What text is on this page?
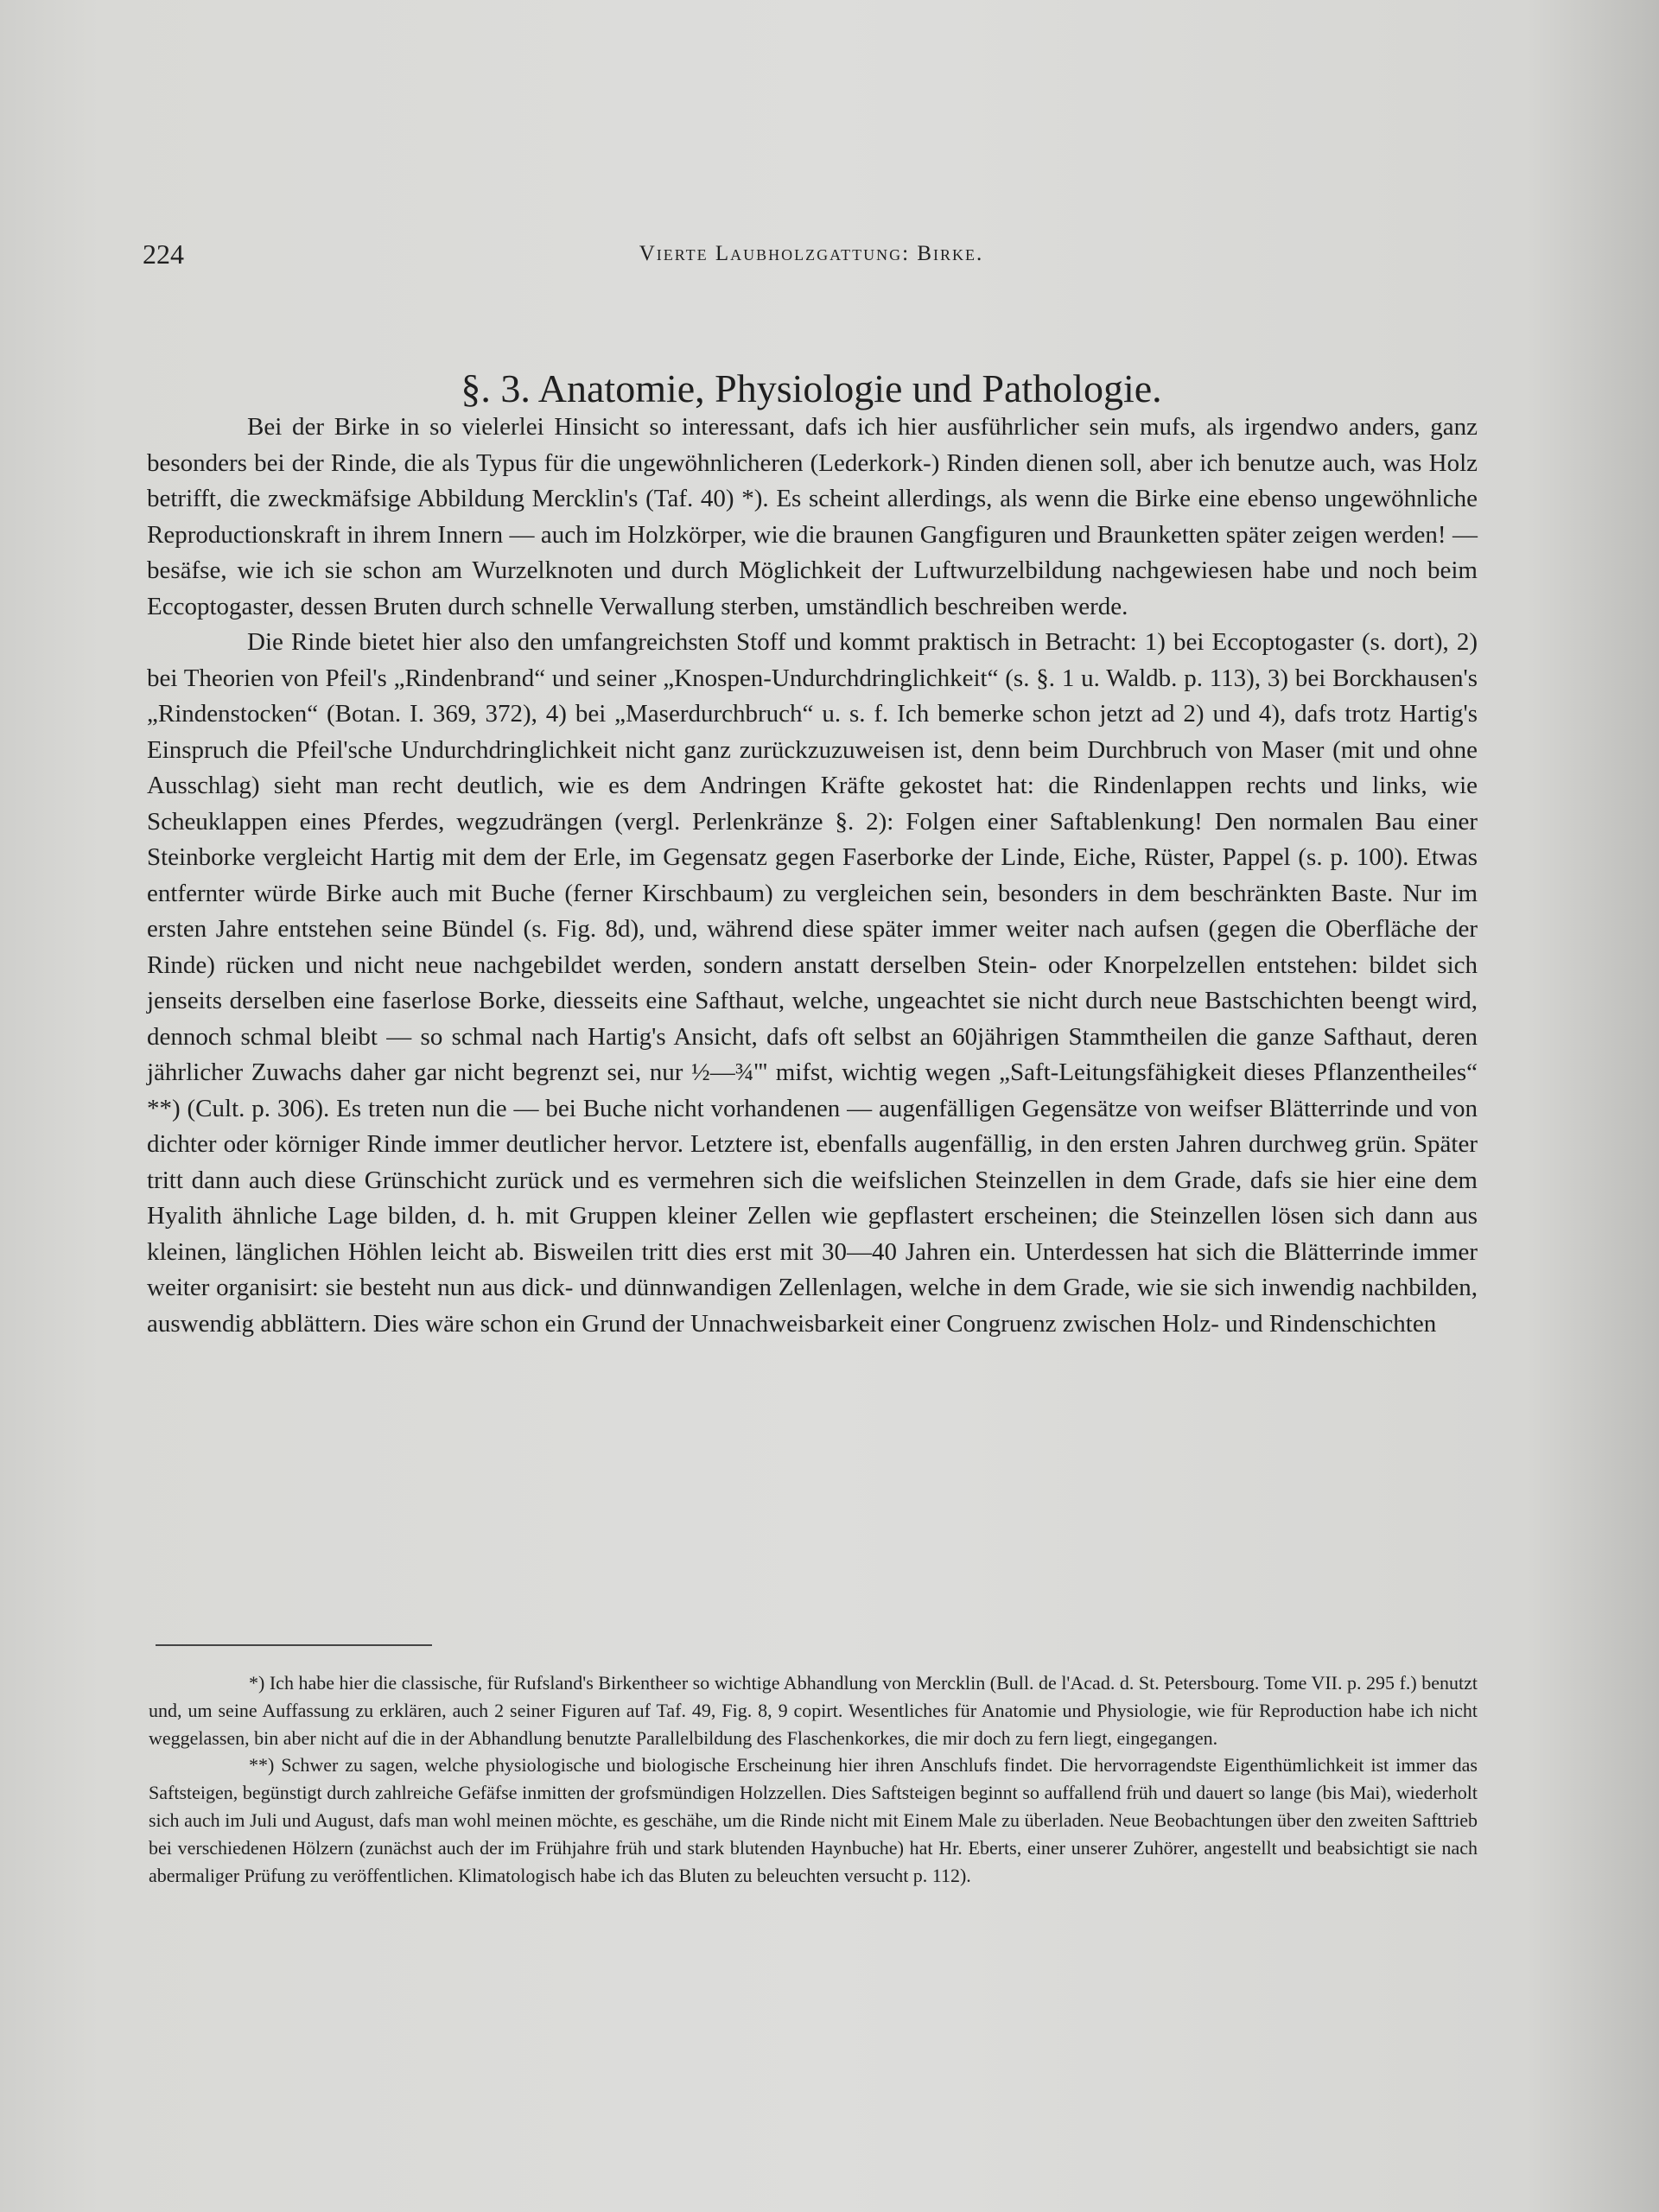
224	Vierte Laubholzgattung: Birke.
§. 3. Anatomie, Physiologie und Pathologie.

Bei der Birke in so vielerlei Hinsicht so interessant, dafs ich hier ausführlicher sein mufs, als irgendwo anders, ganz besonders bei der Rinde, die als Typus für die ungewöhnlicheren (Lederkork-) Rinden dienen soll, aber ich benutze auch, was Holz betrifft, die zweckmäfsige Abbildung Mercklin's (Taf. 40) *). Es scheint allerdings, als wenn die Birke eine ebenso ungewöhnliche Reproductionskraft in ihrem Innern — auch im Holzkörper, wie die braunen Gangfiguren und Braunketten später zeigen werden! — besäfse, wie ich sie schon am Wurzelknoten und durch Möglichkeit der Luftwurzelbildung nachgewiesen habe und noch beim Eccoptogaster, dessen Bruten durch schnelle Verwallung sterben, umständlich beschreiben werde.

Die Rinde bietet hier also den umfangreichsten Stoff und kommt praktisch in Betracht: 1) bei Eccoptogaster (s. dort), 2) bei Theorien von Pfeil's „Rindenbrand“ und seiner „Knospen-Undurchdringlichkeit“ (s. §. 1 u. Waldb. p. 113), 3) bei Borckhausen's „Rindenstocken“ (Botan. I. 369, 372), 4) bei „Maserdurchbruch“ u. s. f. Ich bemerke schon jetzt ad 2) und 4), dafs trotz Hartig's Einspruch die Pfeil'sche Undurchdringlichkeit nicht ganz zurückzuzuweisen ist, denn beim Durchbruch von Maser (mit und ohne Ausschlag) sieht man recht deutlich, wie es dem Andringen Kräfte gekostet hat: die Rindenlappen rechts und links, wie Scheuklappen eines Pferdes, wegzudrängen (vergl. Perlenkränze §. 2): Folgen einer Saftablenkung! Den normalen Bau einer Steinborke vergleicht Hartig mit dem der Erle, im Gegensatz gegen Faserborke der Linde, Eiche, Rüster, Pappel (s. p. 100). Etwas entfernter würde Birke auch mit Buche (ferner Kirschbaum) zu vergleichen sein, besonders in dem beschränkten Baste. Nur im ersten Jahre entstehen seine Bündel (s. Fig. 8d), und, während diese später immer weiter nach aufsen (gegen die Oberfläche der Rinde) rücken und nicht neue nachgebildet werden, sondern anstatt derselben Stein- oder Knorpelzellen entstehen: bildet sich jenseits derselben eine faserlose Borke, diesseits eine Safthaut, welche, ungeachtet sie nicht durch neue Bastschichten beengt wird, dennoch schmal bleibt — so schmal nach Hartig's Ansicht, dafs oft selbst an 60jährigen Stammtheilen die ganze Safthaut, deren jährlicher Zuwachs daher gar nicht begrenzt sei, nur ½—¾''' mifst, wichtig wegen „Saft-Leitungsfähigkeit dieses Pflanzentheiles“ **) (Cult. p. 306). Es treten nun die — bei Buche nicht vorhandenen — augenfälligen Gegensätze von weifser Blätterrinde und von dichter oder körniger Rinde immer deutlicher hervor. Letztere ist, ebenfalls augenfällig, in den ersten Jahren durchweg grün. Später tritt dann auch diese Grünschicht zurück und es vermehren sich die weifslichen Steinzellen in dem Grade, dafs sie hier eine dem Hyalith ähnliche Lage bilden, d. h. mit Gruppen kleiner Zellen wie gepflastert erscheinen; die Steinzellen lösen sich dann aus kleinen, länglichen Höhlen leicht ab. Bisweilen tritt dies erst mit 30—40 Jahren ein. Unterdessen hat sich die Blätterrinde immer weiter organisirt: sie besteht nun aus dick- und dünnwandigen Zellenlagen, welche in dem Grade, wie sie sich inwendig nachbilden, auswendig abblättern. Dies wäre schon ein Grund der Unnachweisbarkeit einer Congruenz zwischen Holz- und Rindenschichten

*) Ich habe hier die classische, für Rufsland's Birkentheer so wichtige Abhandlung von Mercklin (Bull. de l'Acad. d. St. Petersbourg. Tome VII. p. 295 f.) benutzt und, um seine Auffassung zu erklären, auch 2 seiner Figuren auf Taf. 49, Fig. 8, 9 copirt. Wesentliches für Anatomie und Physiologie, wie für Reproduction habe ich nicht weggelassen, bin aber nicht auf die in der Abhandlung benutzte Parallelbildung des Flaschenkorkes, die mir doch zu fern liegt, eingegangen.

**) Schwer zu sagen, welche physiologische und biologische Erscheinung hier ihren Anschlufs findet. Die hervorragendste Eigenthümlichkeit ist immer das Saftsteigen, begünstigt durch zahlreiche Gefäfse inmitten der grofsmündigen Holzzellen. Dies Saftsteigen beginnt so auffallend früh und dauert so lange (bis Mai), wiederholt sich auch im Juli und August, dafs man wohl meinen möchte, es geschähe, um die Rinde nicht mit Einem Male zu überladen. Neue Beobachtungen über den zweiten Safttrieb bei verschiedenen Hölzern (zunächst auch der im Frühjahre früh und stark blutenden Haynbuche) hat Hr. Eberts, einer unserer Zuhörer, angestellt und beabsichtigt sie nach abermaliger Prüfung zu veröffentlichen. Klimatologisch habe ich das Bluten zu beleuchten versucht p. 112).
